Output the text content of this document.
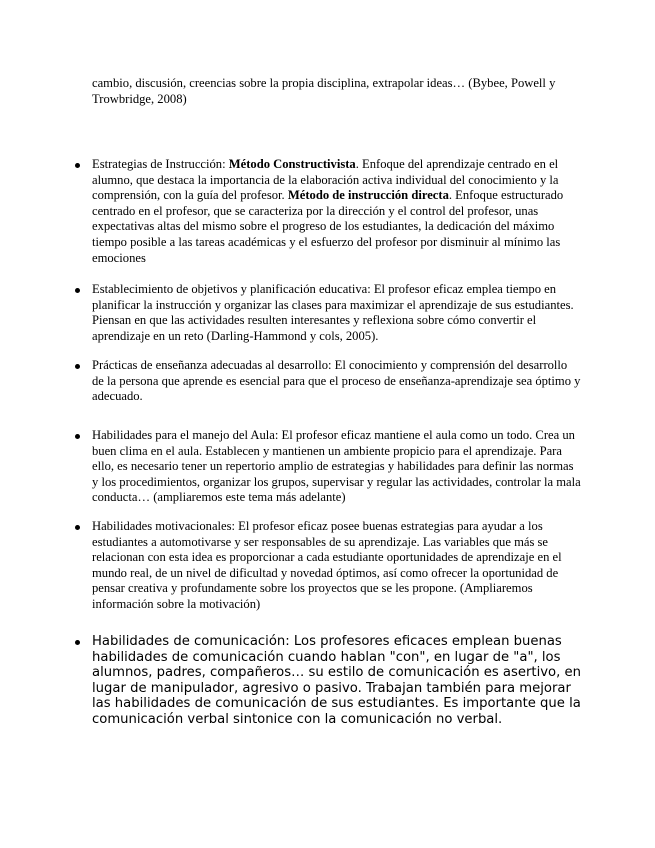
cambio, discusión, creencias sobre la propia disciplina, extrapolar ideas… (Bybee, Powell y Trowbridge, 2008)

Estrategias de Instrucción: Método Constructivista. Enfoque del aprendizaje centrado en el alumno, que destaca la importancia de la elaboración activa individual del conocimiento y la comprensión, con la guía del profesor. Método de instrucción directa. Enfoque estructurado centrado en el profesor, que se caracteriza por la dirección y el control del profesor, unas expectativas altas del mismo sobre el progreso de los estudiantes, la dedicación del máximo tiempo posible a las tareas académicas y el esfuerzo del profesor por disminuir al mínimo las emociones

Establecimiento de objetivos y planificación educativa: El profesor eficaz emplea tiempo en planificar la instrucción y organizar las clases para maximizar el aprendizaje de sus estudiantes. Piensan en que las actividades resulten interesantes y reflexiona sobre cómo convertir el aprendizaje en un reto (Darling-Hammond y cols, 2005).

Prácticas de enseñanza adecuadas al desarrollo: El conocimiento y comprensión del desarrollo de la persona que aprende es esencial para que el proceso de enseñanza-aprendizaje sea óptimo y adecuado.

Habilidades para el manejo del Aula: El profesor eficaz mantiene el aula como un todo. Crea un buen clima en el aula. Establecen y mantienen un ambiente propicio para el aprendizaje. Para ello, es necesario tener un repertorio amplio de estrategias y habilidades para definir las normas y los procedimientos, organizar los grupos, supervisar y regular las actividades, controlar la mala conducta… (ampliaremos este tema más adelante)

Habilidades motivacionales: El profesor eficaz posee buenas estrategias para ayudar a los estudiantes a automotivarse y ser responsables de su aprendizaje. Las variables que más se relacionan con esta idea es proporcionar a cada estudiante oportunidades de aprendizaje en el mundo real, de un nivel de dificultad y novedad óptimos, así como ofrecer la oportunidad de pensar creativa y profundamente sobre los proyectos que se les propone. (Ampliaremos información sobre la motivación)

Habilidades de comunicación: Los profesores eficaces emplean buenas habilidades de comunicación cuando hablan "con", en lugar de "a", los alumnos, padres, compañeros… su estilo de comunicación es asertivo, en lugar de manipulador, agresivo o pasivo. Trabajan también para mejorar las habilidades de comunicación de sus estudiantes. Es importante que la comunicación verbal sintonice con la comunicación no verbal.
